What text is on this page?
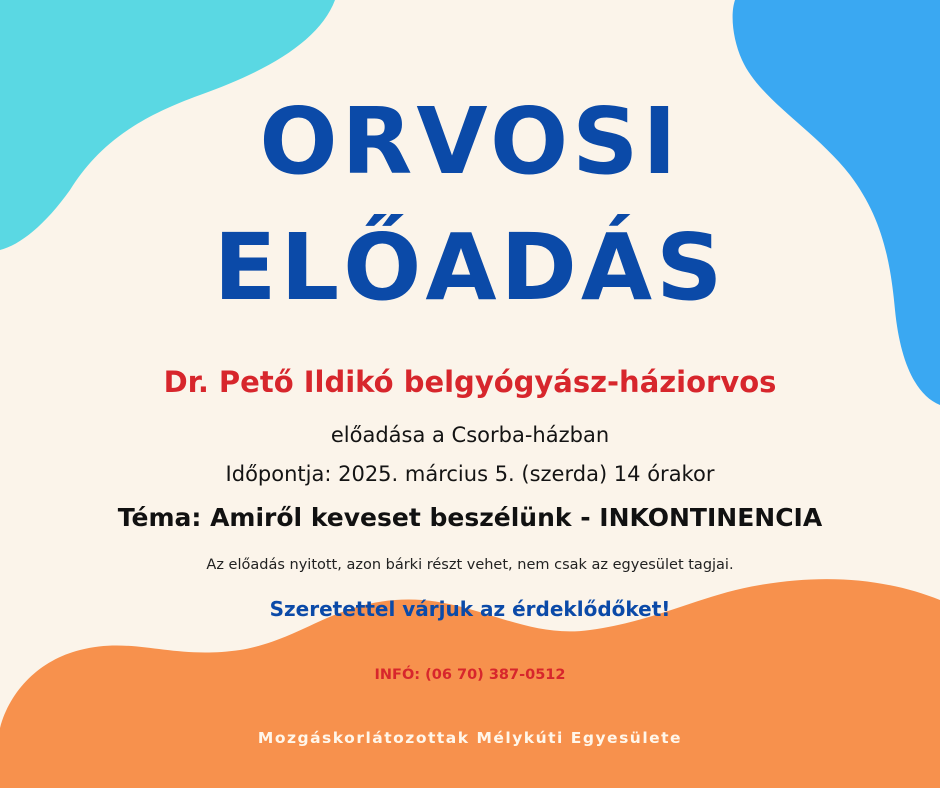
ORVOSI
ELŐADÁS
Dr. Pető Ildikó belgyógyász-háziorvos
előadása a Csorba-házban
Időpontja: 2025. március 5. (szerda) 14 órakor
Téma: Amiről keveset beszélünk - INKONTINENCIA
Az előadás nyitott, azon bárki részt vehet, nem csak az egyesület tagjai.
Szeretettel várjuk az érdeklődőket!
INFÓ: (06 70) 387-0512
Mozgáskorlátozottak Mélykúti Egyesülete
